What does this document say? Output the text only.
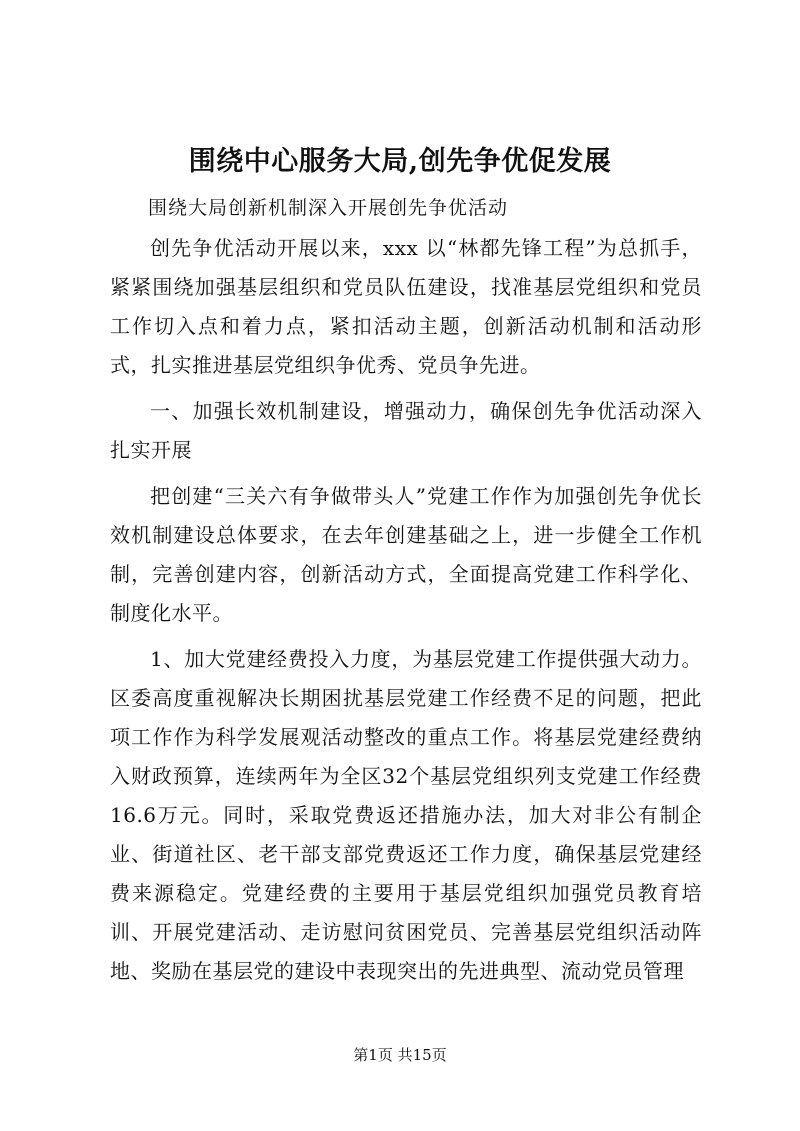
围绕中心服务大局,创先争优促发展

围绕大局创新机制深入开展创先争优活动

创先争优活动开展以来，xxx 以“林都先锋工程”为总抓手，紧紧围绕加强基层组织和党员队伍建设，找准基层党组织和党员工作切入点和着力点，紧扣活动主题，创新活动机制和活动形式，扎实推进基层党组织争优秀、党员争先进。

一、加强长效机制建设，增强动力，确保创先争优活动深入扎实开展

把创建“三关六有争做带头人”党建工作作为加强创先争优长效机制建设总体要求，在去年创建基础之上，进一步健全工作机制，完善创建内容，创新活动方式，全面提高党建工作科学化、制度化水平。

1、加大党建经费投入力度，为基层党建工作提供强大动力。区委高度重视解决长期困扰基层党建工作经费不足的问题，把此项工作作为科学发展观活动整改的重点工作。将基层党建经费纳入财政预算，连续两年为全区32个基层党组织列支党建工作经费16.6万元。同时，采取党费返还措施办法，加大对非公有制企业、街道社区、老干部支部党费返还工作力度，确保基层党建经费来源稳定。党建经费的主要用于基层党组织加强党员教育培训、开展党建活动、走访慰问贫困党员、完善基层党组织活动阵地、奖励在基层党的建设中表现突出的先进典型、流动党员管理

第1页 共15页
